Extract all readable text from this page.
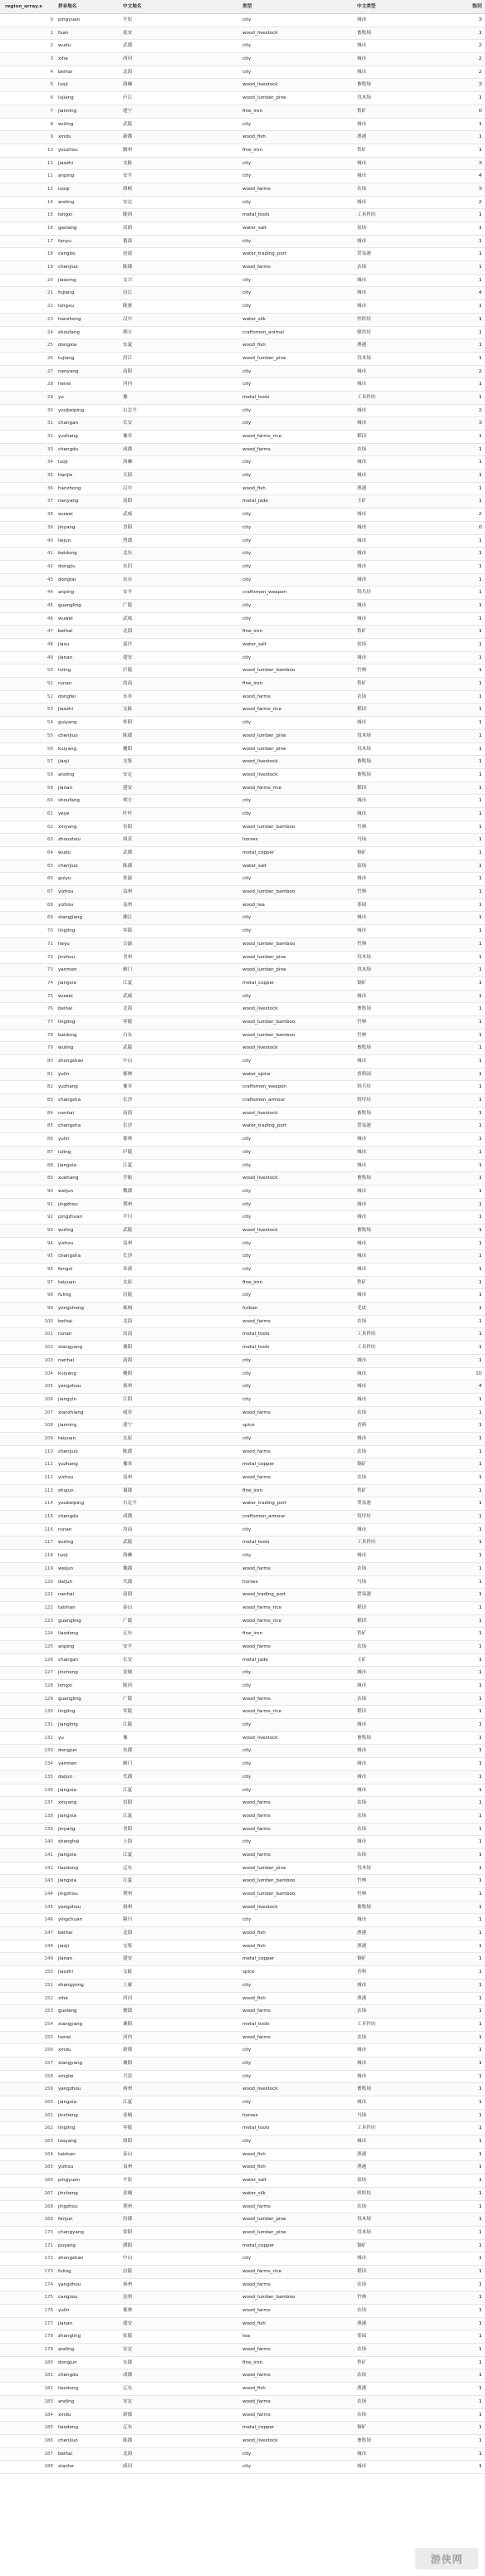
region_array.x	拼音地名	中文地名	类型	中文类型	级别
0 pingyuan	平原	city	城市	3
1 fuan	抚安	wood_livestock	畜牧场	1
2 wudu	武都	city	城市	2
3 xihe	西河	city	城市	2
4 beihai	北海	city	城市	2
5 luoji	洛棘	wood_livestock	畜牧场	3
6 lujiang	庐江	wood_lumber_pine	伐木场	1
7 jianning	建宁	fine_iron	铁矿	0
8 wuling	武陵	city	城市	1
9 xindu	新都	wood_fish	渔港	1
10 youzhou	幽州	fine_iron	铁矿	1
11 jiaozhi	交趾	city	城市	3
12 anping	安平	city	城市	4
13 luoqi	洛岐	wood_farms	农场	3
14 anding	安定	city	城市	2
15 longxi	陇西	metal_tools	工具作坊	1
16 gaolang	高朗	water_salt	盐场	1
17 fanyu	番禺	city	城市	1
18 cangbo	沧波	water_trading_port	贸易港	1
19 chenjiuo	陈郡	wood_farms	农场	1
20 jiaoxing	交兴	city	城市	1
21 fujiang	涪江	city	城市	4
22 longxu	陇畜	city	城市	1
23 hanzhong	汉中	water_silk	丝织坊	1
24 shoufang	朔方	craftsmen_animal	驯兽坊	1
25 dongxia	东夏	wood_fish	渔港	1
26 tujiang	沮江	wood_lumber_pine	伐木场	1
27 nanyang	南阳	city	城市	2
28 henei	河内	city	城市	1
29 yu	豫	metal_tools	工具作坊	1
30 youbeiping	右北平	city	城市	2
31 changan	长安	city	城市	3
32 yuzhang	豫章	wood_farms_rice	稻田	1
33 chengdu	成都	wood_farms	农场	1
34 luoji	洛棘	city	城市	1
35 tianjie	天街	city	城市	1
36 hanzhong	汉中	wood_fish	渔港	1
37 nanyang	南阳	metal_jade	玉矿	1
38 wuwei	武威	city	城市	2
39 jinyang	晋阳	city	城市	0
40 liejun	烈郡	city	城市	1
41 beidong	北东	city	城市	1
42 dongjiu	东旧	city	城市	1
43 dongtai	东台	city	城市	1
44 anping	安平	craftsmen_weapon	铸兵坊	1
45 guangling	广陵	city	城市	1
46 wuwei	武威	city	城市	1
47 beihai	北海	fine_iron	铁矿	1
48 jiaxu	嘉许	water_salt	盐场	1
49 jianan	建安	city	城市	1
50 luling	庐陵	wood_lumber_bamboo	竹林	1
51 runan	汝南	fine_iron	铁矿	1
52 dongfei	东非	wood_farms	农场	1
53 jiaozhi	交趾	wood_farms_rice	稻田	1
54 guiyang	桂阳	city	城市	1
55 chenjiuo	陈郡	wood_lumber_pine	伐木场	1
56 kuiyang	夔阳	wood_lumber_pine	伐木场	1
57 jiaoji	交集	wood_livestock	畜牧场	1
58 anding	安定	wood_livestock	畜牧场	1
59 jianan	建安	wood_farms_rice	稻田	1
60 shoufang	朔方	city	城市	1
61 yeye	叶叶	city	城市	1
62 xinyang	信阳	wood_lumber_bamboo	竹林	1
63 zhoushou	周首	horses	马场	1
64 wudu	武都	metal_copper	铜矿	1
65 chenjiuo	陈郡	water_salt	盐场	1
66 guiyu	桂渝	city	城市	1
67 yizhou	益州	wood_lumber_bamboo	竹林	1
68 yizhou	益州	wood_tea	茶园	1
69 xiangjiang	湘江	city	城市	1
70 lingling	零陵	city	城市	1
71 heyu	合渝	wood_lumber_bamboo	竹林	1
72 jinzhou	晋州	wood_lumber_pine	伐木场	1
73 yanmen	雁门	wood_lumber_pine	伐木场	1
74 jiangxia	江夏	metal_copper	铜矿	1
75 wuwei	武威	city	城市	1
76 beihai	北海	wood_livestock	畜牧场	1
77 lingling	零陵	wood_lumber_bamboo	竹林	1
78 baidong	白东	wood_lumber_bamboo	竹林	1
79 wuling	武陵	wood_livestock	畜牧场	1
80 zhongshan	中山	city	城市	1
81 yulin	郁林	water_spice	香料园	1
82 yuzhang	豫章	craftsmen_weapon	铸兵坊	1
83 changsha	长沙	craftsmen_armour	铸甲坊	1
84 nanhai	南海	wood_livestock	畜牧场	1
85 changsha	长沙	water_trading_port	贸易港	1
86 yulin	郁林	city	城市	1
87 luling	庐陵	city	城市	1
88 jiangxia	江夏	city	城市	1
89 xuehang	学航	wood_livestock	畜牧场	1
90 weijun	魏郡	city	城市	1
91 jingzhou	荆州	city	城市	1
92 pingzhuan	平川	city	城市	1
93 wuling	武陵	wood_livestock	畜牧场	1
94 yizhou	益州	city	城市	1
95 changsha	长沙	city	城市	1
96 fengxi	奉溪	city	城市	1
97 taiyuan	太原	fine_iron	铁矿	1
98 fuling	涪陵	city	城市	1
99 yongcheng	雍城	furban	毛皮	1
100 beihai	北海	wood_farms	农场	1
101 runan	汝南	metal_tools	工具作坊	1
102 xiangyang	襄阳	metal_tools	工具作坊	1
103 nanhai	南海	city	城市	1
104 kuiyang	夔阳	city	城市	10
105 yangzhou	扬州	city	城市	4
106 jiangyin	江阴	city	城市	1
107 xianzhiang	咸章	wood_farms	农场	1
108 jianning	建宁	spice	香料	1
109 taiyuan	太原	city	城市	1
110 chenjiuo	陈郡	wood_farms	农场	1
111 yuzhang	豫章	metal_copper	铜矿	1
112 yizhou	益州	wood_farms	农场	1
113 shujun	蜀郡	fine_iron	铁矿	1
114 youbeiping	右北平	water_trading_port	贸易港	1
115 chengdu	成都	craftsmen_armour	铸甲坊	1
116 runan	汝南	city	城市	1
117 wuling	武陵	metal_tools	工具作坊	1
118 luoji	洛棘	city	城市	1
119 weijun	魏郡	wood_farms	农场	1
120 daijun	代郡	horses	马场	1
121 nanhai	南海	wood_trading_port	贸易港	1
122 taishan	泰山	wood_farms_rice	稻田	1
123 guangling	广陵	wood_farms_rice	稻田	1
124 liaodong	辽东	fine_iron	铁矿	1
125 anping	安平	wood_farms	农场	1
126 changan	长安	metal_jade	玉矿	1
127 jincheng	金城	city	城市	1
128 longxi	陇西	city	城市	1
129 guangling	广陵	wood_farms	农场	1
130 lingling	零陵	wood_farms_rice	稻田	1
131 jiangling	江陵	city	城市	1
132 yu	豫	wood_livestock	畜牧场	1
133 dongjun	东郡	city	城市	1
134 yanmen	雁门	city	城市	1
135 daijun	代郡	city	城市	1
136 jiangxia	江夏	city	城市	1
137 xinyang	信阳	wood_farms	农场	1
138 jiangxia	江夏	wood_farms	农场	1
139 jinyang	晋阳	wood_farms	农场	1
140 shanghai	上海	city	城市	1
141 jiangxia	江夏	wood_farms	农场	1
142 liaodong	辽东	wood_lumber_pine	伐木场	1
143 jiangxia	江夏	wood_lumber_bamboo	竹林	1
144 jingzhou	荆州	wood_lumber_bamboo	竹林	1
145 yangzhou	扬州	wood_livestock	畜牧场	1
146 yingchuan	颍川	city	城市	1
147 beihai	北海	wood_fish	渔港	1
148 jiaoji	交集	wood_fish	渔港	1
149 jianan	建安	metal_copper	铜矿	1
150 jiaozhi	交趾	spice	香料	1
151 shangyong	上庸	city	城市	1
152 xihe	西河	wood_fish	渔港	1
153 guolang	虢郎	wood_farms	农场	1
154 xiangyang	襄阳	metal_tools	工具作坊	1
155 henei	河内	wood_farms	农场	1
156 xindu	新都	city	城市	1
157 xiangyang	襄阳	city	城市	1
158 xinglei	兴雷	city	城市	1
159 yangzhou	扬州	wood_livestock	畜牧场	1
160 jiangxia	江夏	city	城市	1
161 jincheng	金城	horses	马场	1
162 lingling	零陵	metal_tools	工具作坊	1
163 luoyang	洛阳	city	城市	1
164 taishan	泰山	wood_fish	渔港	1
165 yizhou	益州	wood_fish	渔港	1
166 pingyuan	平原	water_salt	盐场	1
167 jincheng	金城	water_silk	丝织坊	1
168 jingzhou	荆州	wood_farms	农场	1
169 fenjun	汾郡	wood_lumber_pine	伐木场	1
170 changyang	常阳	wood_lumber_pine	伐木场	1
171 puyang	濮阳	metal_copper	铜矿	1
172 zhongshan	中山	city	城市	1
173 fuling	涪陵	wood_farms_rice	稻田	1
174 yangzhou	扬州	wood_farms	农场	1
175 cangzou	沧州	wood_lumber_bamboo	竹林	1
176 yulin	郁林	wood_farms	农场	1
177 jianan	建安	wood_fish	渔港	1
178 zhangling	张陵	tea	茶园	1
179 anding	安定	wood_farms	农场	1
180 dongjun	东郡	fine_iron	铁矿	1
181 chengdu	成都	wood_farms	农场	1
182 liaodong	辽东	wood_fish	渔港	1
183 anding	安定	wood_farms	农场	1
184 xindu	新都	wood_farms	农场	1
185 liaodong	辽东	metal_copper	铜矿	1
186 chenjiuo	陈郡	wood_livestock	畜牧场	1
187 beihai	北海	city	城市	1
188 xianhe	咸河	city	城市	1
游侠网
